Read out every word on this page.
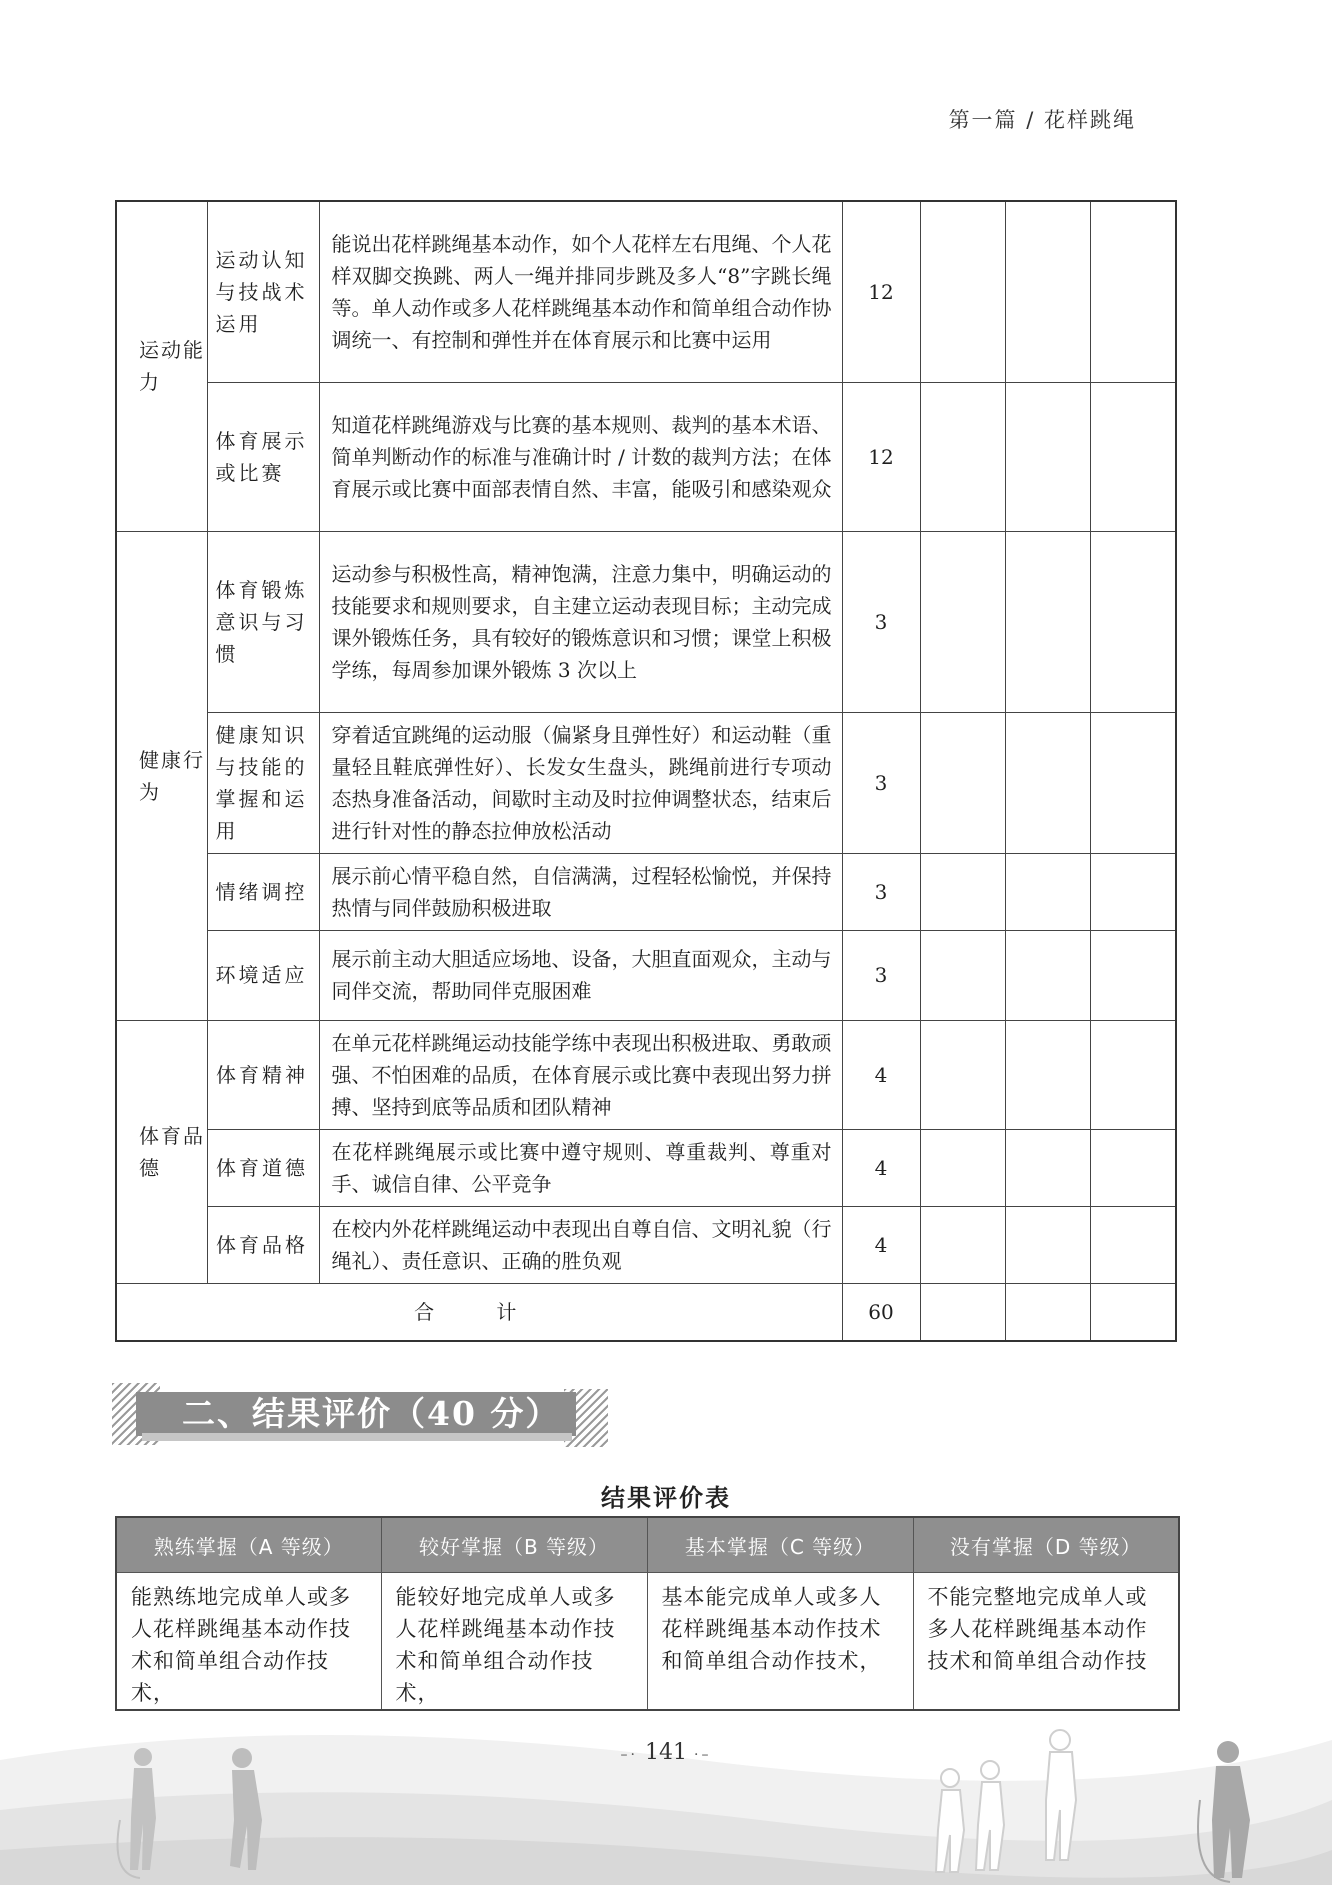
第一篇 / 花样跳绳
运动能力	运动认知与技战术运用	能说出花样跳绳基本动作，如个人花样左右甩绳、个人花样双脚交换跳、两人一绳并排同步跳及多人“8”字跳长绳等。单人动作或多人花样跳绳基本动作和简单组合动作协调统一、有控制和弹性并在体育展示和比赛中运用	12			
	体育展示或比赛	知道花样跳绳游戏与比赛的基本规则、裁判的基本术语、简单判断动作的标准与准确计时 / 计数的裁判方法；在体育展示或比赛中面部表情自然、丰富，能吸引和感染观众	12			
健康行为	体育锻炼意识与习惯	运动参与积极性高，精神饱满，注意力集中，明确运动的技能要求和规则要求，自主建立运动表现目标；主动完成课外锻炼任务，具有较好的锻炼意识和习惯；课堂上积极学练，每周参加课外锻炼 3 次以上	3			
	健康知识与技能的掌握和运用	穿着适宜跳绳的运动服（偏紧身且弹性好）和运动鞋（重量轻且鞋底弹性好）、长发女生盘头，跳绳前进行专项动态热身准备活动，间歇时主动及时拉伸调整状态，结束后进行针对性的静态拉伸放松活动	3			
	情绪调控	展示前心情平稳自然，自信满满，过程轻松愉悦，并保持热情与同伴鼓励积极进取	3			
	环境适应	展示前主动大胆适应场地、设备，大胆直面观众，主动与同伴交流，帮助同伴克服困难	3			
体育品德	体育精神	在单元花样跳绳运动技能学练中表现出积极进取、勇敢顽强、不怕困难的品质，在体育展示或比赛中表现出努力拼搏、坚持到底等品质和团队精神	4			
	体育道德	在花样跳绳展示或比赛中遵守规则、尊重裁判、尊重对手、诚信自律、公平竞争	4			
	体育品格	在校内外花样跳绳运动中表现出自尊自信、文明礼貌（行绳礼）、责任意识、正确的胜负观	4			
合 计			60			
二、结果评价（40 分）
结果评价表
熟练掌握（A 等级）	较好掌握（B 等级）	基本掌握（C 等级）	没有掌握（D 等级）
能熟练地完成单人或多人花样跳绳基本动作技术和简单组合动作技术，	能较好地完成单人或多人花样跳绳基本动作技术和简单组合动作技术，	基本能完成单人或多人花样跳绳基本动作技术和简单组合动作技术，	不能完整地完成单人或多人花样跳绳基本动作技术和简单组合动作技
–· 141 ·–
